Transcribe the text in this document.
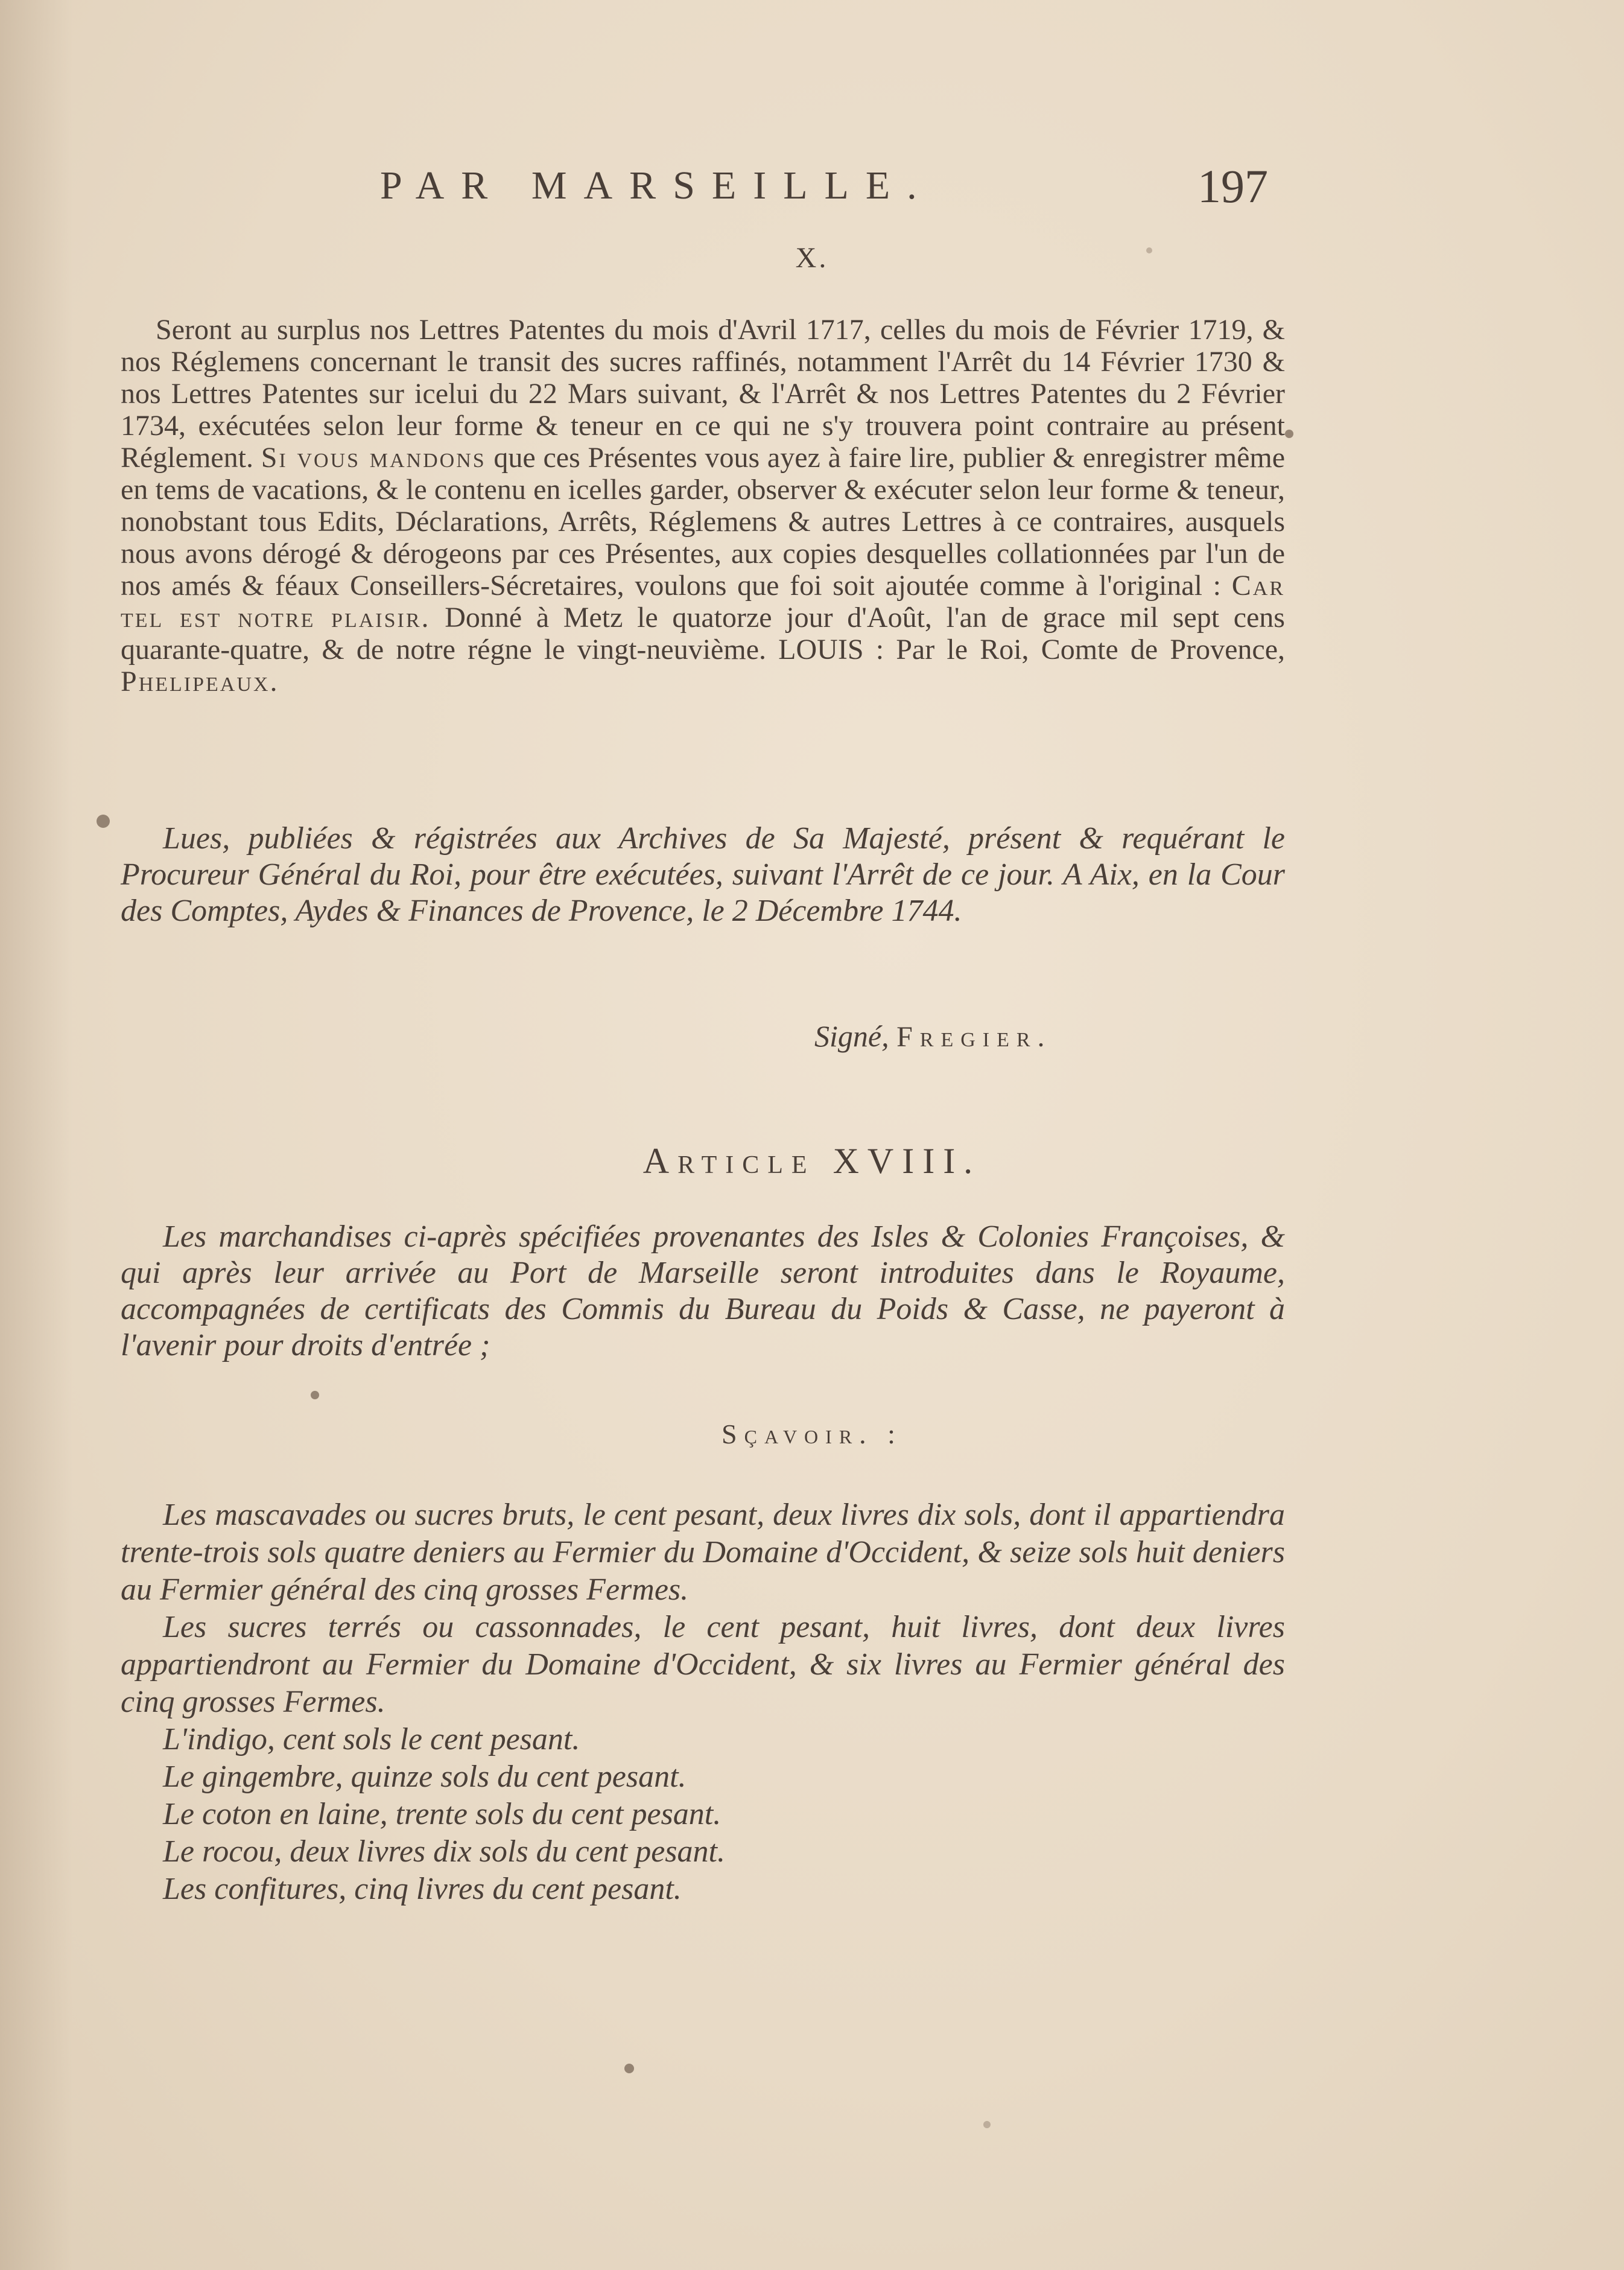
PAR MARSEILLE.	197
X.

Seront au surplus nos Lettres Patentes du mois d'Avril 1717, celles du mois de Février 1719, & nos Réglemens concernant le transit des sucres raffinés, notamment l'Arrêt du 14 Février 1730 & nos Lettres Patentes sur icelui du 22 Mars suivant, & l'Arrêt & nos Lettres Patentes du 2 Février 1734, exécutées selon leur forme & teneur en ce qui ne s'y trouvera point contraire au présent Réglement. Si vous mandons que ces Présentes vous ayez à faire lire, publier & enregistrer même en tems de vacations, & le contenu en icelles garder, observer & exécuter selon leur forme & teneur, nonobstant tous Edits, Déclarations, Arrêts, Réglemens & autres Lettres à ce contraires, ausquels nous avons dérogé & dérogeons par ces Présentes, aux copies desquelles collationnées par l'un de nos amés & féaux Conseillers-Sécretaires, voulons que foi soit ajoutée comme à l'original : Car tel est notre plaisir. Donné à Metz le quatorze jour d'Août, l'an de grace mil sept cens quarante-quatre, & de notre régne le vingt-neuvième. LOUIS : Par le Roi, Comte de Provence, Phelipeaux.

Lues, publiées & régistrées aux Archives de Sa Majesté, présent & requérant le Procureur Général du Roi, pour être exécutées, suivant l'Arrêt de ce jour. A Aix, en la Cour des Comptes, Aydes & Finances de Provence, le 2 Décembre 1744.

Signé, Fregier.
Article XVIII.

Les marchandises ci-après spécifiées provenantes des Isles & Colonies Françoises, & qui après leur arrivée au Port de Marseille seront introduites dans le Royaume, accompagnées de certificats des Commis du Bureau du Poids & Casse, ne payeront à l'avenir pour droits d'entrée ;

Sçavoir. :

Les mascavades ou sucres bruts, le cent pesant, deux livres dix sols, dont il appartiendra trente-trois sols quatre deniers au Fermier du Domaine d'Occident, & seize sols huit deniers au Fermier général des cinq grosses Fermes.

Les sucres terrés ou cassonnades, le cent pesant, huit livres, dont deux livres appartiendront au Fermier du Domaine d'Occident, & six livres au Fermier général des cinq grosses Fermes.

L'indigo, cent sols le cent pesant.

Le gingembre, quinze sols du cent pesant.

Le coton en laine, trente sols du cent pesant.

Le rocou, deux livres dix sols du cent pesant.

Les confitures, cinq livres du cent pesant.
